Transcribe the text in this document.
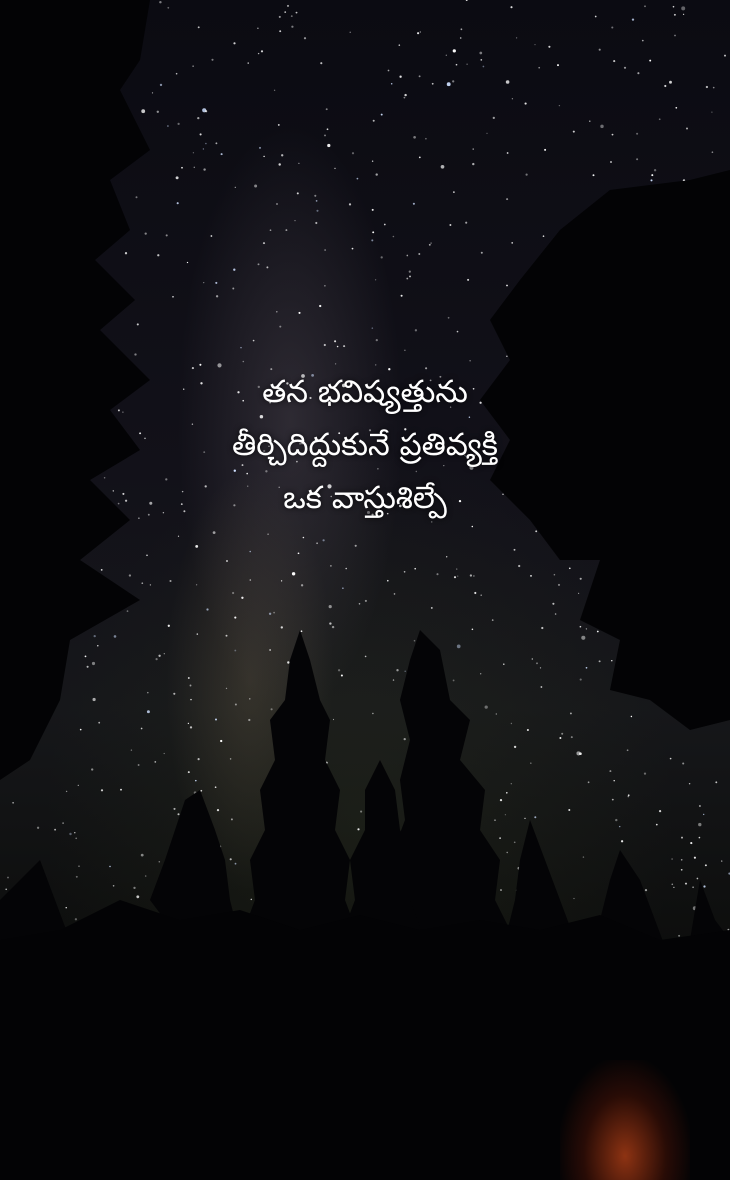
తన భవిష్యత్తును
తీర్చిదిద్దుకునే ప్రతివ్యక్తి
ఒక వాస్తుశిల్పే
